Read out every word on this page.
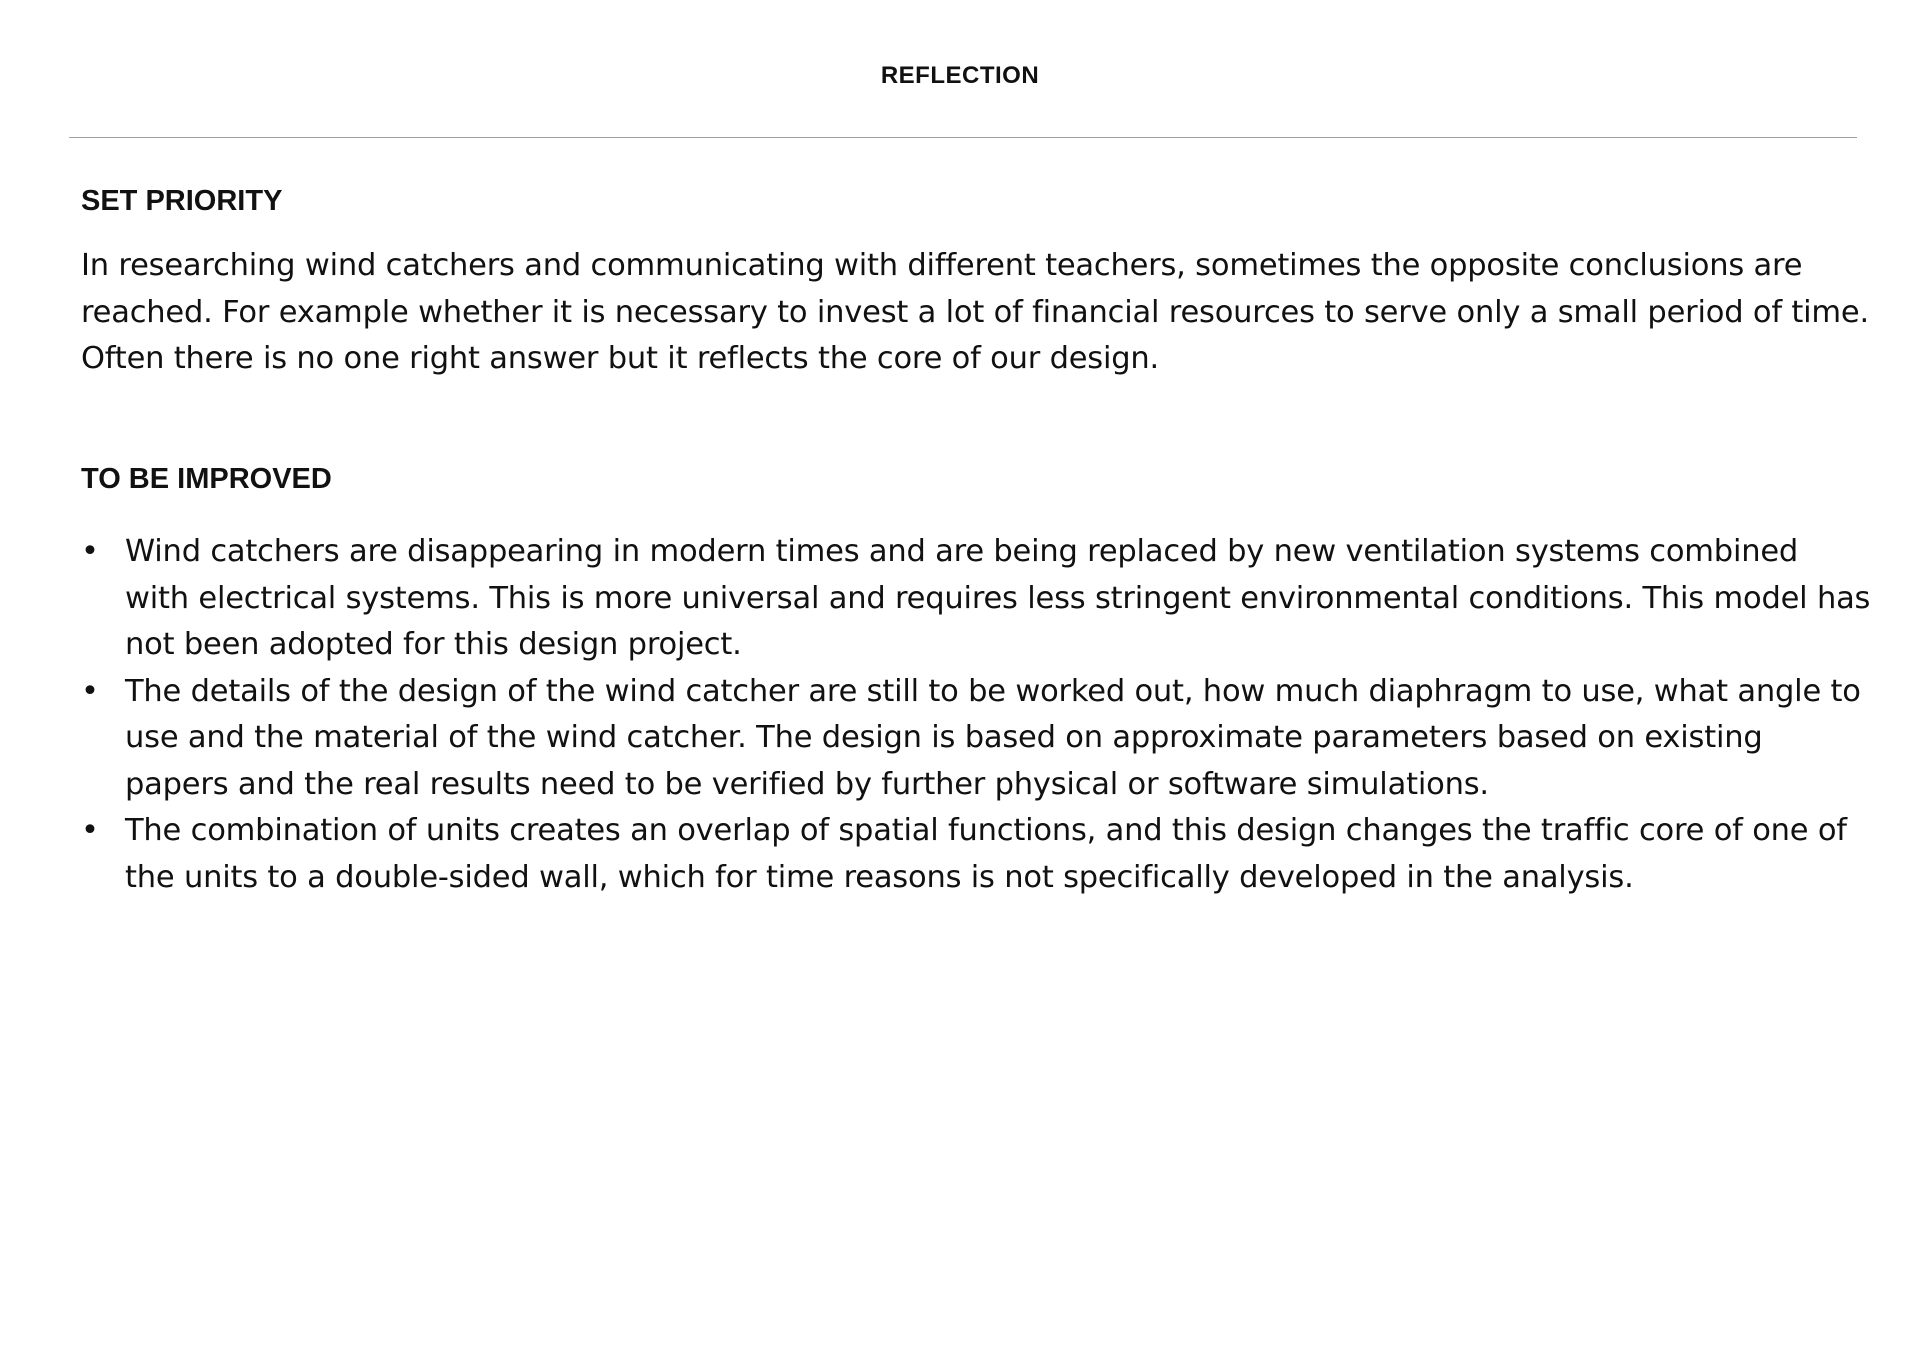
REFLECTION
SET PRIORITY

In researching wind catchers and communicating with different teachers, sometimes the opposite conclusions are reached. For example whether it is necessary to invest a lot of financial resources to serve only a small period of time. Often there is no one right answer but it reflects the core of our design.

TO BE IMPROVED
• Wind catchers are disappearing in modern times and are being replaced by new ventilation systems combined with electrical systems. This is more universal and requires less stringent environmental conditions. This model has not been adopted for this design project.
• The details of the design of the wind catcher are still to be worked out, how much diaphragm to use, what angle to use and the material of the wind catcher. The design is based on approximate parameters based on existing papers and the real results need to be verified by further physical or software simulations.
• The combination of units creates an overlap of spatial functions, and this design changes the traffic core of one of the units to a double-sided wall, which for time reasons is not specifically developed in the analysis.
